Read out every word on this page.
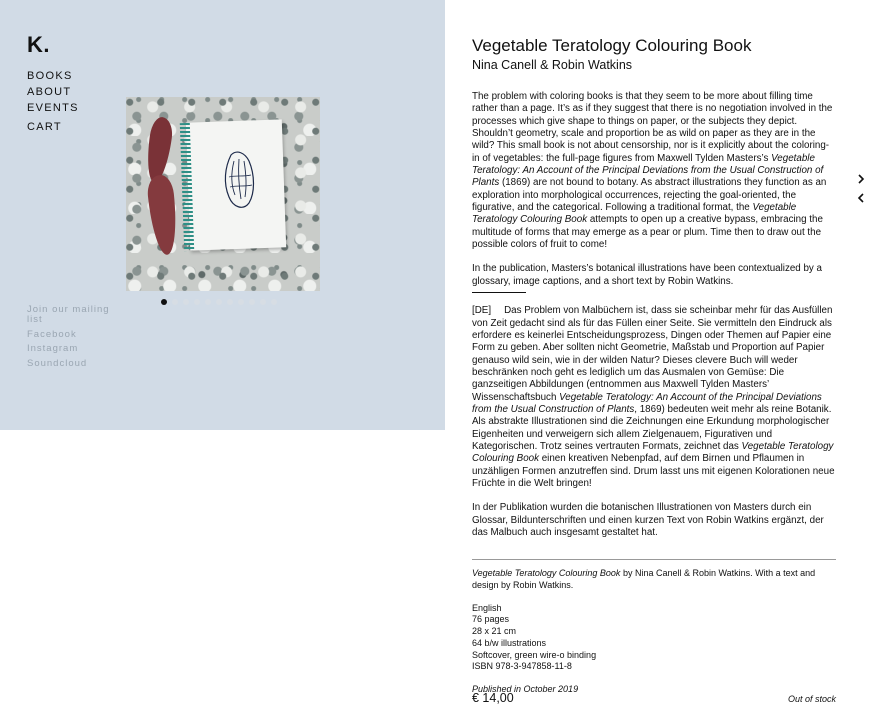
K.
BOOKS
ABOUT
EVENTS
CART
Join our mailing list
Facebook
Instagram
Soundcloud
Vegetable Teratology Colouring Book
Nina Canell & Robin Watkins

The problem with coloring books is that they seem to be more about filling time rather than a page. It’s as if they suggest that there is no negotiation involved in the processes which give shape to things on paper, or the subjects they depict. Shouldn’t geometry, scale and proportion be as wild on paper as they are in the wild? This small book is not about censorship, nor is it explicitly about the coloring-in of vegetables: the full-page figures from Maxwell Tylden Masters’s Vegetable Teratology: An Account of the Principal Deviations from the Usual Construction of Plants (1869) are not bound to botany. As abstract illustrations they function as an exploration into morphological occurrences, rejecting the goal-oriented, the figurative, and the categorical. Following a traditional format, the Vegetable Teratology Colouring Book attempts to open up a creative bypass, embracing the multitude of forms that may emerge as a pear or plum. Time then to draw out the possible colors of fruit to come!

In the publication, Masters’s botanical illustrations have been contextualized by a glossary, image captions, and a short text by Robin Watkins.

[DE] Das Problem von Malbüchern ist, dass sie scheinbar mehr für das Ausfüllen von Zeit gedacht sind als für das Füllen einer Seite. Sie vermitteln den Eindruck als erfordere es keinerlei Entscheidungsprozess, Dingen oder Themen auf Papier eine Form zu geben. Aber sollten nicht Geometrie, Maßstab und Proportion auf Papier genauso wild sein, wie in der wilden Natur? Dieses clevere Buch will weder beschränken noch geht es lediglich um das Ausmalen von Gemüse: Die ganzseitigen Abbildungen (entnommen aus Maxwell Tylden Masters’ Wissenschaftsbuch Vegetable Teratology: An Account of the Principal Deviations from the Usual Construction of Plants, 1869) bedeuten weit mehr als reine Botanik. Als abstrakte Illustrationen sind die Zeichnungen eine Erkundung morphologischer Eigenheiten und verweigern sich allem Zielgenauem, Figurativen und Kategorischen. Trotz seines vertrauten Formats, zeichnet das Vegetable Teratology Colouring Book einen kreativen Nebenpfad, auf dem Birnen und Pflaumen in unzähligen Formen anzutreffen sind. Drum lasst uns mit eigenen Kolorationen neue Früchte in die Welt bringen!

In der Publikation wurden die botanischen Illustrationen von Masters durch ein Glossar, Bildunterschriften und einen kurzen Text von Robin Watkins ergänzt, der das Malbuch auch insgesamt gestaltet hat.

Vegetable Teratology Colouring Book by Nina Canell & Robin Watkins. With a text and design by Robin Watkins.

English
76 pages
28 x 21 cm
64 b/w illustrations
Softcover, green wire-o binding
ISBN 978-3-947858-11-8
Published in October 2019
€ 14,00	Out of stock
